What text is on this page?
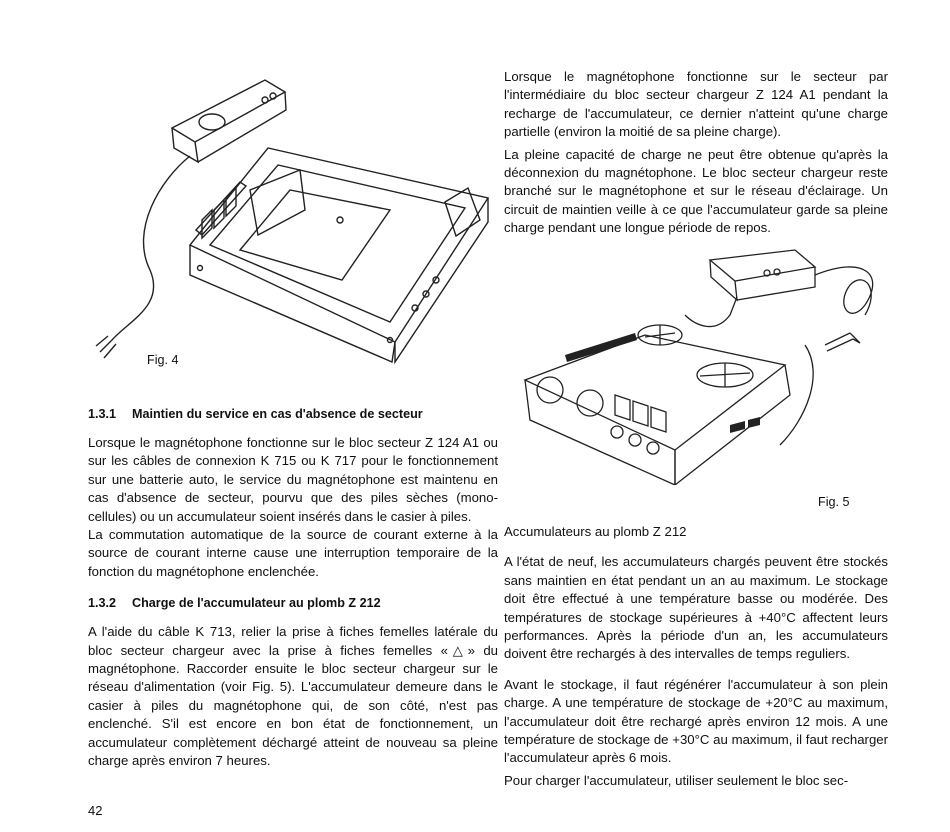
Fig. 4
Fig. 5

Lorsque le magnétophone fonctionne sur le secteur par l'intermédiaire du bloc secteur chargeur Z 124 A1 pendant la recharge de l'accumulateur, ce dernier n'atteint qu'une charge partielle (environ la moitié de sa pleine charge).

La pleine capacité de charge ne peut être obtenue qu'après la déconnexion du magnétophone. Le bloc secteur chargeur reste branché sur le magnétophone et sur le réseau d'éclairage. Un circuit de maintien veille à ce que l'accumulateur garde sa pleine charge pendant une longue période de repos.

Accumulateurs au plomb Z 212

A l'état de neuf, les accumulateurs chargés peuvent être stockés sans maintien en état pendant un an au maximum. Le stockage doit être effectué à une température basse ou modérée. Des températures de stockage supérieures à +40°C affectent leurs performances. Après la période d'un an, les accumulateurs doivent être rechargés à des intervalles de temps reguliers.

Avant le stockage, il faut régénérer l'accumulateur à son plein charge. A une température de stockage de +20°C au maximum, l'accumulateur doit être rechargé après environ 12 mois. A une température de stockage de +30°C au maximum, il faut recharger l'accumulateur après 6 mois.

Pour charger l'accumulateur, utiliser seulement le bloc sec-

1.3.1 Maintien du service en cas d'absence de secteur

Lorsque le magnétophone fonctionne sur le bloc secteur Z 124 A1 ou sur les câbles de connexion K 715 ou K 717 pour le fonctionnement sur une batterie auto, le service du magnétophone est maintenu en cas d'absence de secteur, pourvu que des piles sèches (mono-cellules) ou un accumulateur soient insérés dans le casier à piles.

La commutation automatique de la source de courant externe à la source de courant interne cause une interruption temporaire de la fonction du magnétophone enclenchée.

1.3.2 Charge de l'accumulateur au plomb Z 212

A l'aide du câble K 713, relier la prise à fiches femelles latérale du bloc secteur chargeur avec la prise à fiches femelles «△» du magnétophone. Raccorder ensuite le bloc secteur chargeur sur le réseau d'alimentation (voir Fig. 5). L'accumulateur demeure dans le casier à piles du magnétophone qui, de son côté, n'est pas enclenché. S'il est encore en bon état de fonctionnement, un accumulateur complètement déchargé atteint de nouveau sa pleine charge après environ 7 heures.

42
